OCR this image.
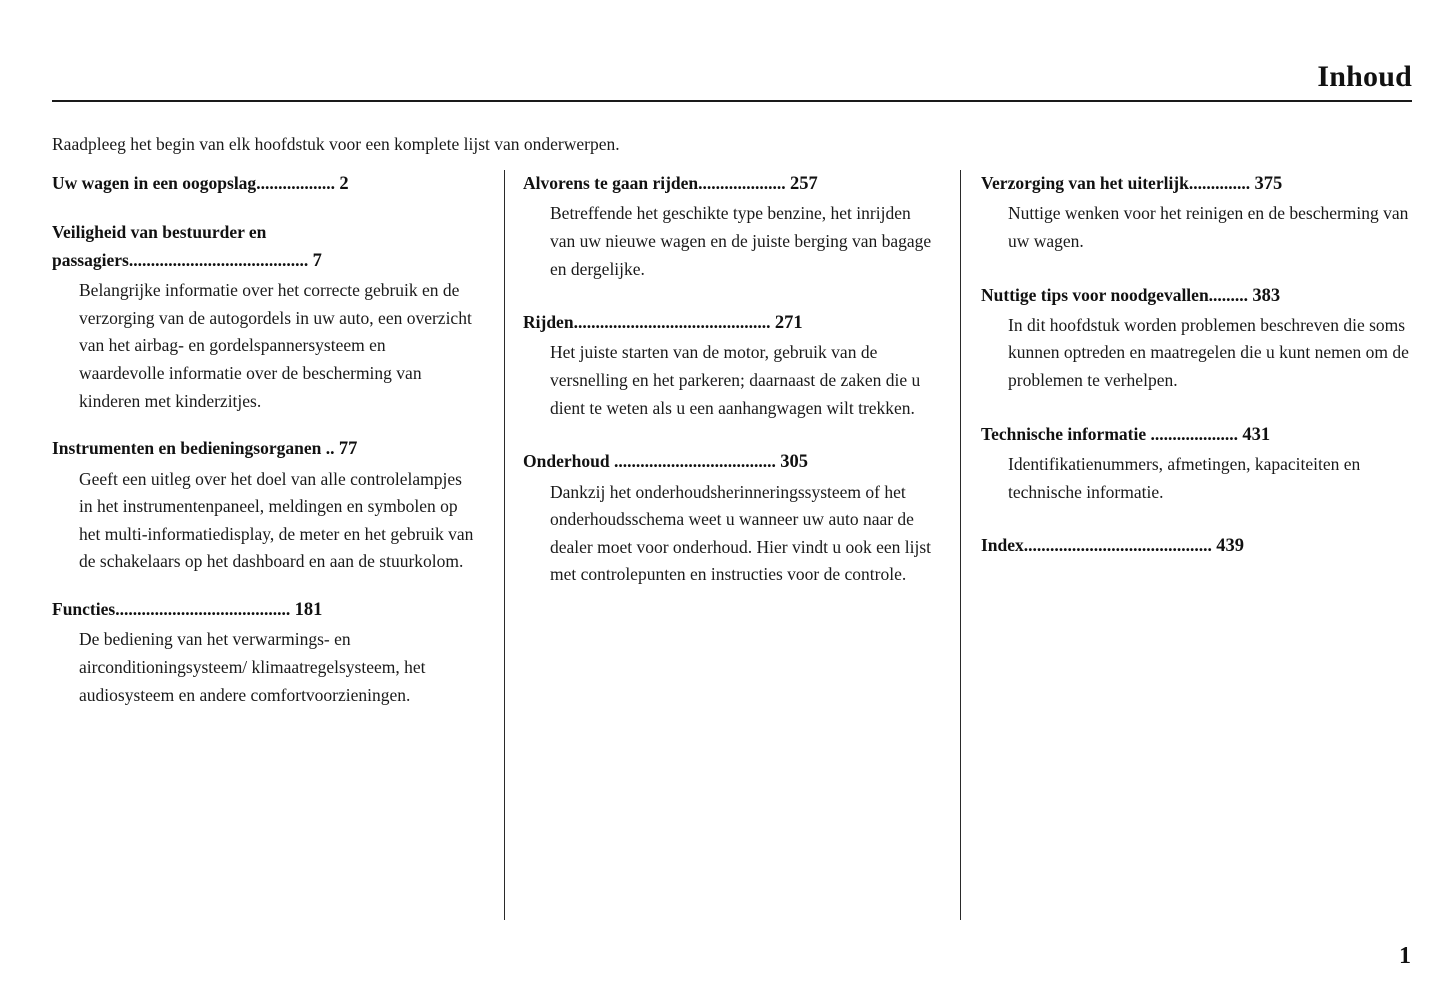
Inhoud
Raadpleeg het begin van elk hoofdstuk voor een komplete lijst van onderwerpen.
Uw wagen in een oogopslag.................. 2
Veiligheid van bestuurder en passagiers......................................... 7
Belangrijke informatie over het correcte gebruik en de verzorging van de autogordels in uw auto, een overzicht van het airbag- en gordelspannersysteem en waardevolle informatie over de bescherming van kinderen met kinderzitjes.
Instrumenten en bedieningsorganen .. 77
Geeft een uitleg over het doel van alle controlelampjes in het instrumentenpaneel, meldingen en symbolen op het multi-informatiedisplay, de meter en het gebruik van de schakelaars op het dashboard en aan de stuurkolom.
Functies........................................ 181
De bediening van het verwarmings- en airconditioningsysteem/ klimaatregelsysteem, het audiosysteem en andere comfortvoorzieningen.
Alvorens te gaan rijden.................... 257
Betreffende het geschikte type benzine, het inrijden van uw nieuwe wagen en de juiste berging van bagage en dergelijke.
Rijden............................................. 271
Het juiste starten van de motor, gebruik van de versnelling en het parkeren; daarnaast de zaken die u dient te weten als u een aanhangwagen wilt trekken.
Onderhoud ..................................... 305
Dankzij het onderhoudsherinneringssysteem of het onderhoudsschema weet u wanneer uw auto naar de dealer moet voor onderhoud. Hier vindt u ook een lijst met controlepunten en instructies voor de controle.
Verzorging van het uiterlijk.............. 375
Nuttige wenken voor het reinigen en de bescherming van uw wagen.
Nuttige tips voor noodgevallen......... 383
In dit hoofdstuk worden problemen beschreven die soms kunnen optreden en maatregelen die u kunt nemen om de problemen te verhelpen.
Technische informatie .................... 431
Identifikatienummers, afmetingen, kapaciteiten en technische informatie.
Index........................................... 439
1
